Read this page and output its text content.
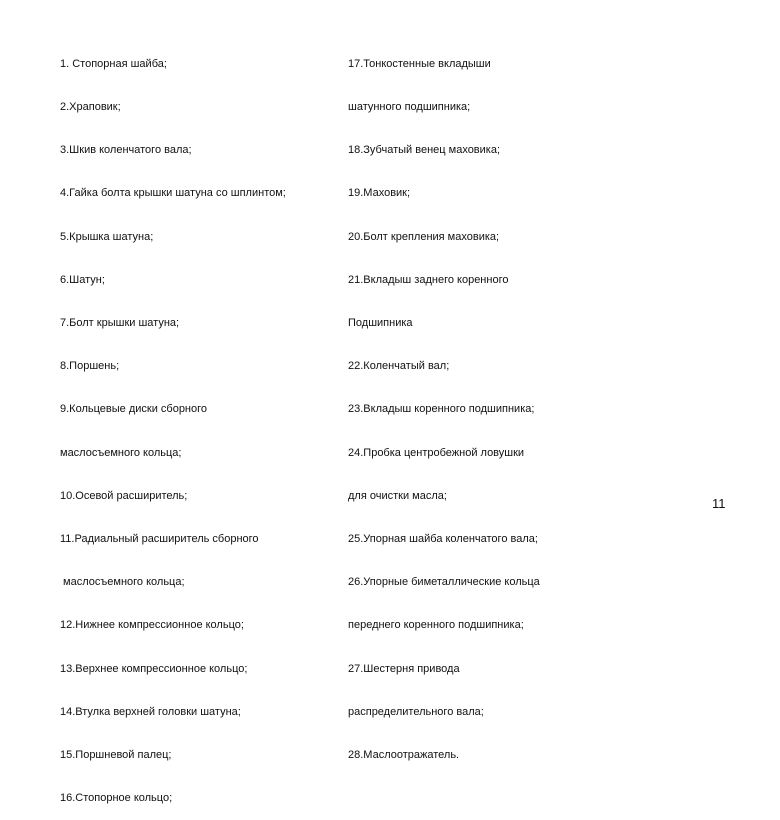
1. Стопорная шайба;

2.Храповик;

3.Шкив коленчатого вала;

4.Гайка болта крышки шатуна со шплинтом;

5.Крышка шатуна;

6.Шатун;

7.Болт крышки шатуна;

8.Поршень;

9.Кольцевые диски сборного

маслосъемного кольца;

10.Осевой расширитель;

11.Радиальный расширитель сборного

маслосъемного кольца;

12.Нижнее компрессионное кольцо;

13.Верхнее компрессионное кольцо;

14.Втулка верхней головки шатуна;

15.Поршневой палец;

16.Стопорное кольцо;

17.Тонкостенные вкладыши

шатунного подшипника;

18.Зубчатый венец маховика;

19.Маховик;

20.Болт крепления маховика;

21.Вкладыш заднего коренного

Подшипника

22.Коленчатый вал;

23.Вкладыш коренного подшипника;

24.Пробка центробежной ловушки

для очистки масла;

25.Упорная шайба коленчатого вала;

26.Упорные биметаллические кольца

переднего коренного подшипника;

27.Шестерня привода

распределительного вала;

28.Маслоотражатель.

11
